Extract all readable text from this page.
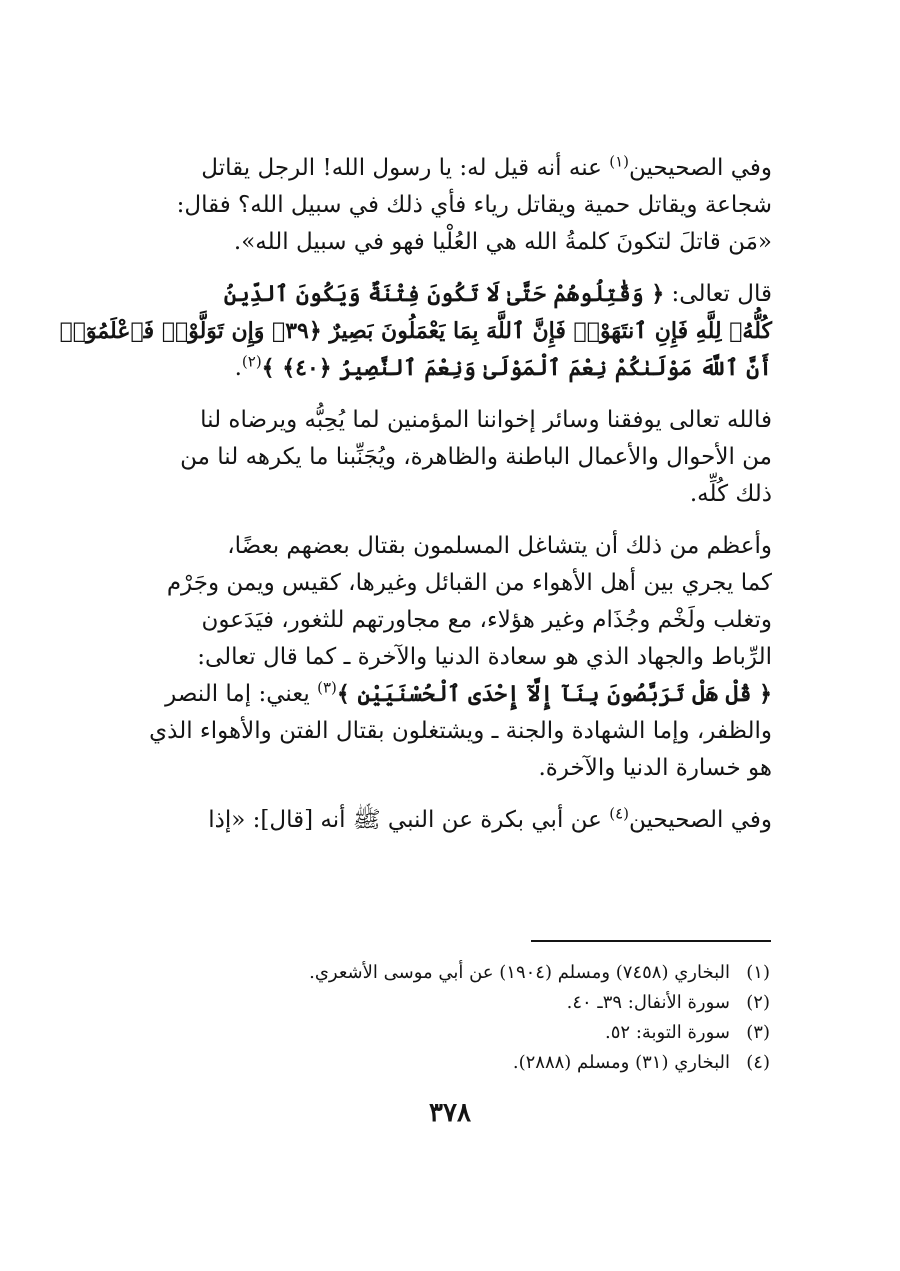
وفي الصحيحين$^{(١)}$ عنه أنه قيل له: يا رسول الله! الرجل يقاتل
شجاعة ويقاتل حمية ويقاتل رياء فأي ذلك في سبيل الله؟ فقال:
«مَن قاتلَ لتكونَ كلمةُ الله هي العُلْيا فهو في سبيل الله».

قال تعالى: ﴿ وَقَٰتِلُوهُمْ حَتَّىٰ لَا تَكُونَ فِتْنَةٌ وَيَكُونَ ٱلدِّينُ
كُلُّهُۥ لِلَّهِ فَإِنِ ٱنتَهَوْا۟ فَإِنَّ ٱللَّهَ بِمَا يَعْمَلُونَ بَصِيرٌ ﴿٣٩﴾ وَإِن تَوَلَّوْا۟ فَٱعْلَمُوٓا۟
أَنَّ ٱللَّهَ مَوْلَىٰكُمْ نِعْمَ ٱلْمَوْلَىٰ وَنِعْمَ ٱلنَّصِيرُ ﴿٤٠﴾ ﴾$^{(٢)}$.

فالله تعالى يوفقنا وسائر إخواننا المؤمنين لما يُحِبُّه ويرضاه لنا
من الأحوال والأعمال الباطنة والظاهرة، ويُجَنِّبنا ما يكرهه لنا من
ذلك كُلِّه.

وأعظم من ذلك أن يتشاغل المسلمون بقتال بعضهم بعضًا،
كما يجري بين أهل الأهواء من القبائل وغيرها، كقيس ويمن وجَرْم
وتغلب ولَخْم وجُذَام وغير هؤلاء، مع مجاورتهم للثغور، فيَدَعون
الرِّباط والجهاد الذي هو سعادة الدنيا والآخرة ـ كما قال تعالى:
﴿ قُلْ هَلْ تَرَبَّصُونَ بِنَآ إِلَّآ إِحْدَى ٱلْحُسْنَيَيْنِ ﴾$^{(٣)}$ يعني: إما النصر
والظفر، وإما الشهادة والجنة ـ ويشتغلون بقتال الفتن والأهواء الذي
هو خسارة الدنيا والآخرة.

وفي الصحيحين$^{(٤)}$ عن أبي بكرة عن النبي ﷺ أنه [قال]: «إذا

(١)البخاري (٧٤٥٨) ومسلم (١٩٠٤) عن أبي موسى الأشعري.
(٢)سورة الأنفال: ٣٩ـ ٤٠.
(٣)سورة التوبة: ٥٢.
(٤)البخاري (٣١) ومسلم (٢٨٨٨).
٣٧٨
